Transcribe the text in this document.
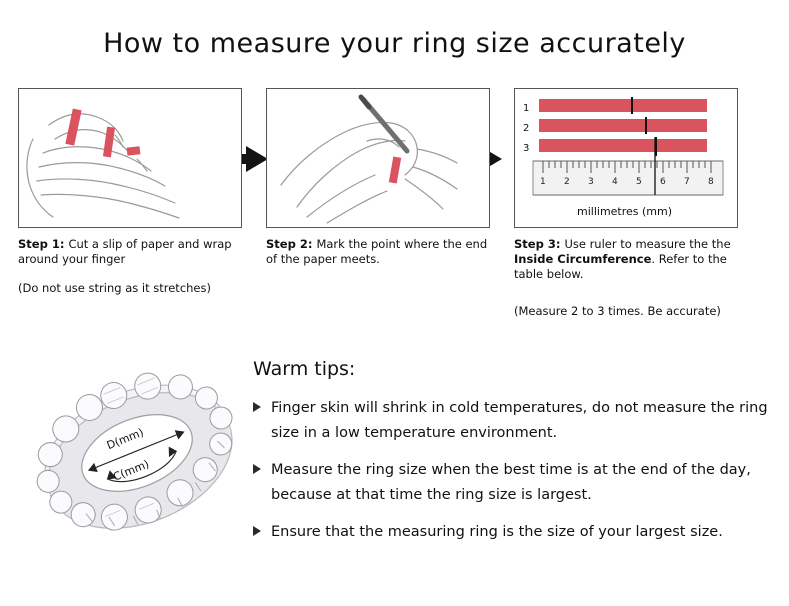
How to measure your ring size accurately
Step 1: Cut a slip of paper and wrap around your finger
(Do not use string as it stretches)
Step 2: Mark the point where the end of the paper meets.
1
2
3
1 2 3 4 5 6 7 8
millimetres (mm)
Step 3: Use ruler to measure the the Inside Circumference. Refer to the table below.
(Measure 2 to 3 times. Be accurate)
D(mm)
C(mm)
Warm tips:
Finger skin will shrink in cold temperatures, do not measure the ring size in a low temperature environment.
Measure the ring size when the best time is at the end of the day, because at that time the ring size is largest.
Ensure that the measuring ring is the size of your largest size.
